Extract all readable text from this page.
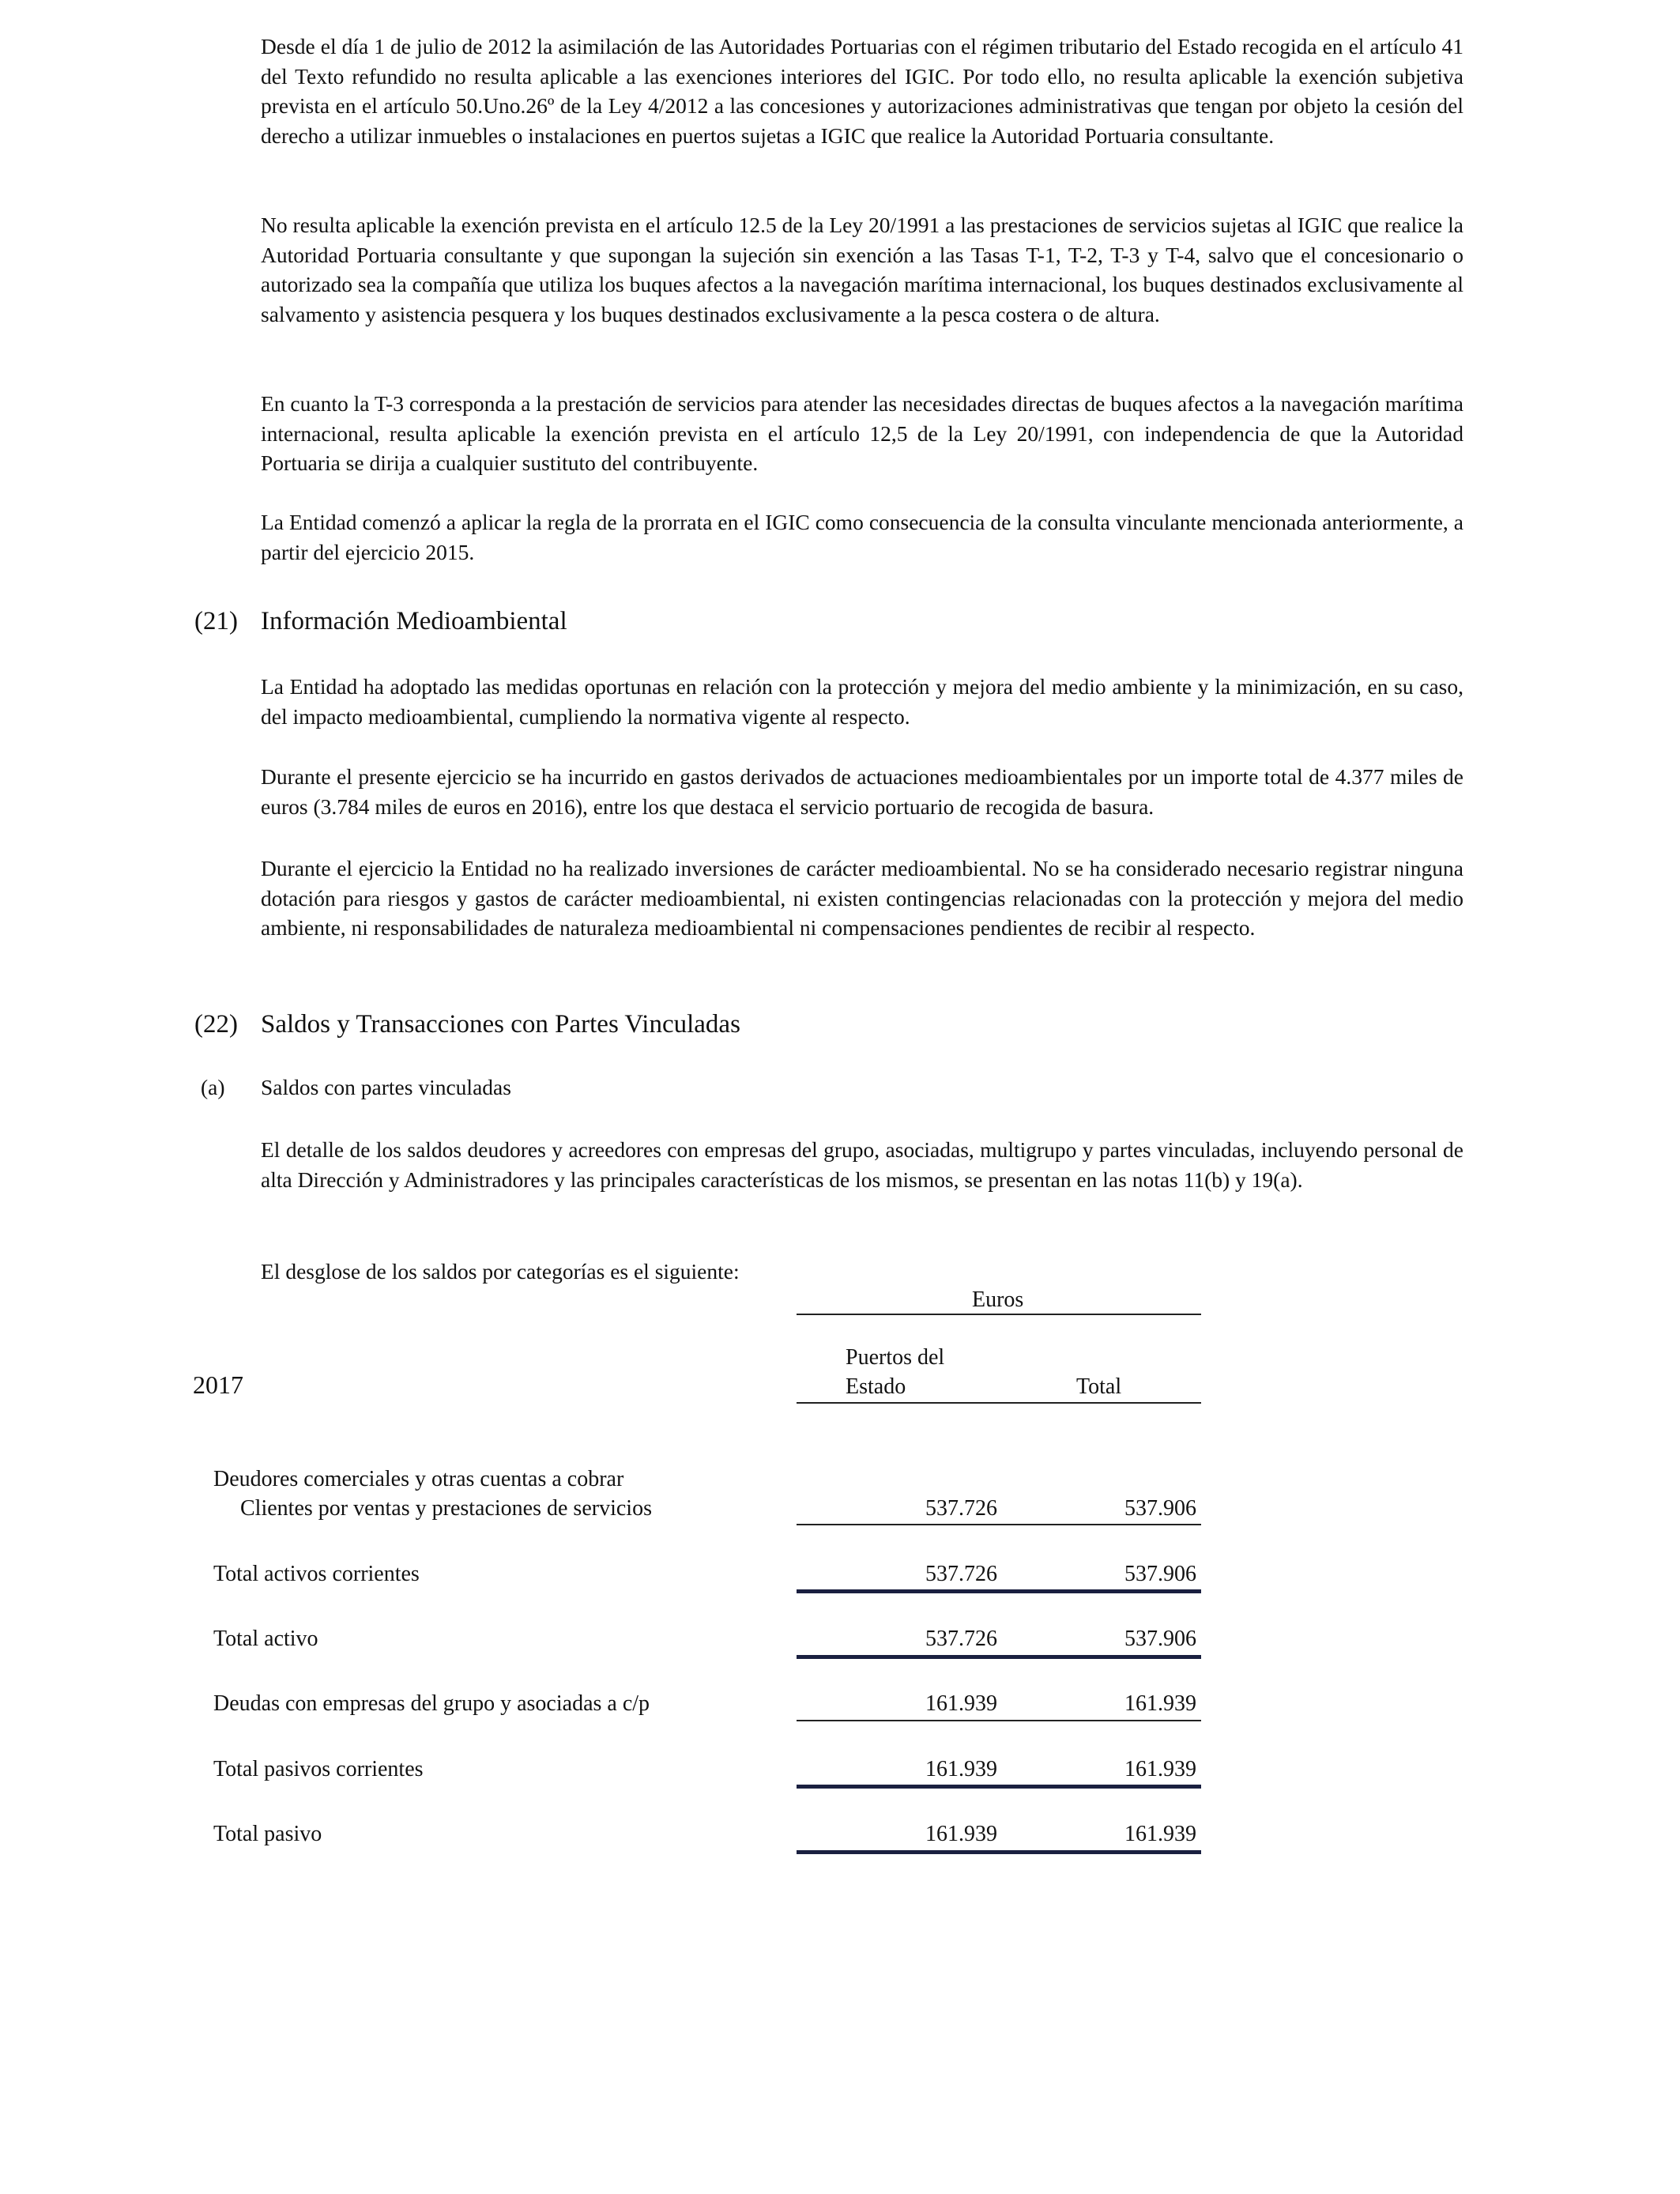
Desde el día 1 de julio de 2012 la asimilación de las Autoridades Portuarias con el régimen tributario del Estado recogida en el artículo 41 del Texto refundido no resulta aplicable a las exenciones interiores del IGIC. Por todo ello, no resulta aplicable la exención subjetiva prevista en el artículo 50.Uno.26º de la Ley 4/2012 a las concesiones y autorizaciones administrativas que tengan por objeto la cesión del derecho a utilizar inmuebles o instalaciones en puertos sujetas a IGIC que realice la Autoridad Portuaria consultante.

No resulta aplicable la exención prevista en el artículo 12.5 de la Ley 20/1991 a las prestaciones de servicios sujetas al IGIC que realice la Autoridad Portuaria consultante y que supongan la sujeción sin exención a las Tasas T-1, T-2, T-3 y T-4, salvo que el concesionario o autorizado sea la compañía que utiliza los buques afectos a la navegación marítima internacional, los buques destinados exclusivamente al salvamento y asistencia pesquera y los buques destinados exclusivamente a la pesca costera o de altura.

En cuanto la T-3 corresponda a la prestación de servicios para atender las necesidades directas de buques afectos a la navegación marítima internacional, resulta aplicable la exención prevista en el artículo 12,5 de la Ley 20/1991, con independencia de que la Autoridad Portuaria se dirija a cualquier sustituto del contribuyente.

La Entidad comenzó a aplicar la regla de la prorrata en el IGIC como consecuencia de la consulta vinculante mencionada anteriormente, a partir del ejercicio 2015.

(21) Información Medioambiental

La Entidad ha adoptado las medidas oportunas en relación con la protección y mejora del medio ambiente y la minimización, en su caso, del impacto medioambiental, cumpliendo la normativa vigente al respecto.

Durante el presente ejercicio se ha incurrido en gastos derivados de actuaciones medioambientales por un importe total de 4.377 miles de euros (3.784 miles de euros en 2016), entre los que destaca el servicio portuario de recogida de basura.

Durante el ejercicio la Entidad no ha realizado inversiones de carácter medioambiental. No se ha considerado necesario registrar ninguna dotación para riesgos y gastos de carácter medioambiental, ni existen contingencias relacionadas con la protección y mejora del medio ambiente, ni responsabilidades de naturaleza medioambiental ni compensaciones pendientes de recibir al respecto.

(22) Saldos y Transacciones con Partes Vinculadas

(a) Saldos con partes vinculadas

El detalle de los saldos deudores y acreedores con empresas del grupo, asociadas, multigrupo y partes vinculadas, incluyendo personal de alta Dirección y Administradores y las principales características de los mismos, se presentan en las notas 11(b) y 19(a).

El desglose de los saldos por categorías es el siguiente:

Euros
Puertos del
Estado	Total
2017
Deudores comerciales y otras cuentas a cobrar
Clientes por ventas y prestaciones de servicios	537.726	537.906
Total activos corrientes	537.726	537.906
Total activo	537.726	537.906
Deudas con empresas del grupo y asociadas a c/p	161.939	161.939
Total pasivos corrientes	161.939	161.939
Total pasivo	161.939	161.939
